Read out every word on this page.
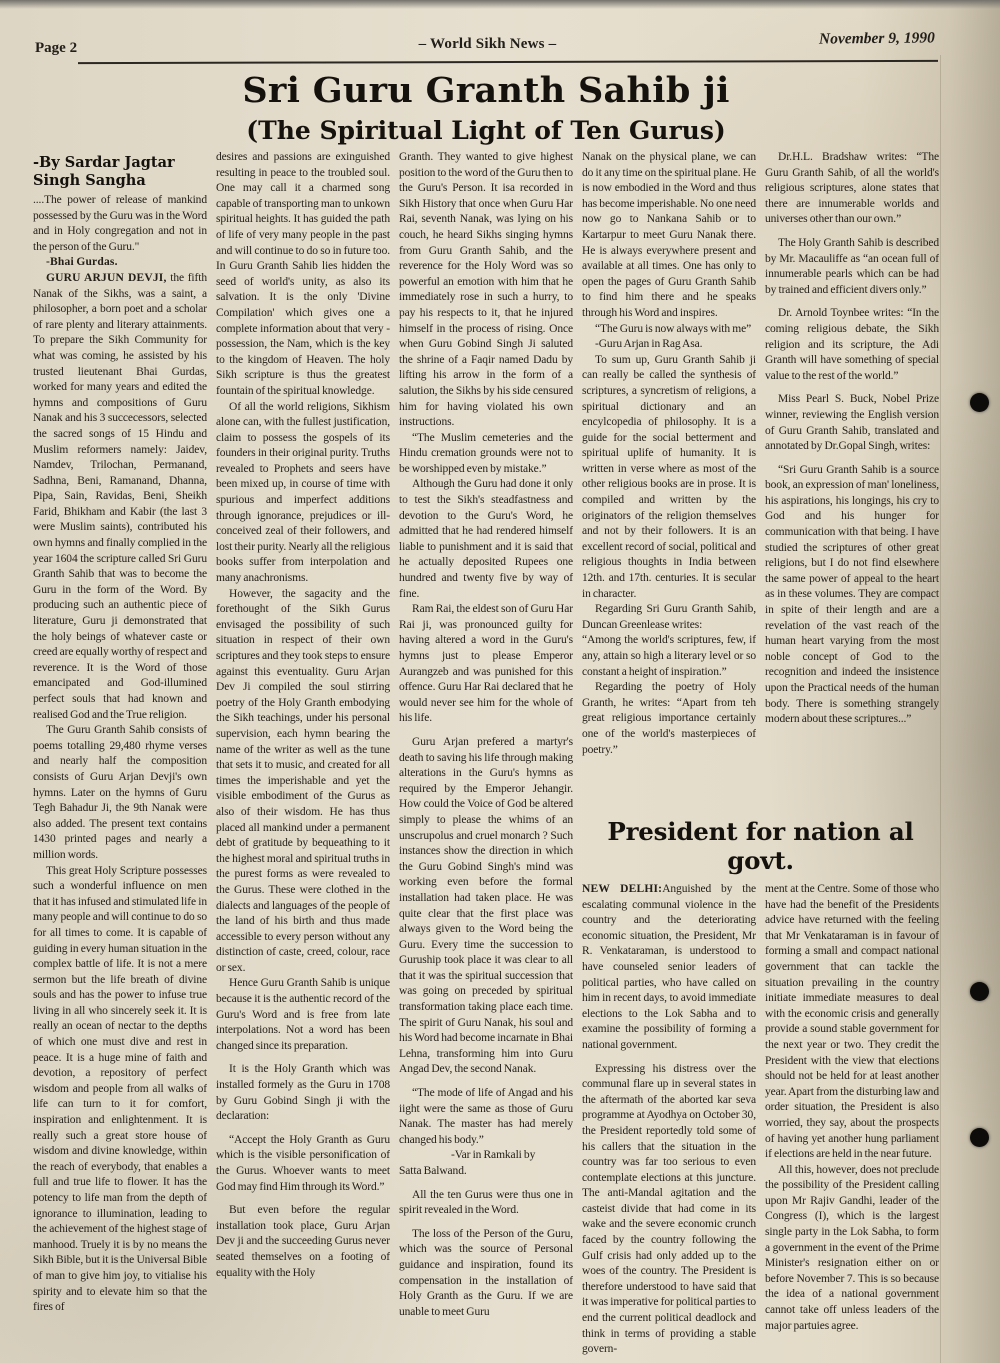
Page 2	– World Sikh News –	November 9, 1990
Sri Guru Granth Sahib ji
(The Spiritual Light of Ten Gurus)
-By Sardar Jagtar Singh Sangha

....The power of release of mankind possessed by the Guru was in the Word and in Holy congregation and not in the person of the Guru."

-Bhai Gurdas.

GURU ARJUN DEVJI, the fifth Nanak of the Sikhs, was a saint, a philosopher, a born poet and a scholar of rare plenty and literary attainments. To prepare the Sikh Community for what was coming, he assisted by his trusted lieutenant Bhai Gurdas, worked for many years and edited the hymns and compositions of Guru Nanak and his 3 succecessors, selected the sacred songs of 15 Hindu and Muslim reformers namely: Jaidev, Namdev, Trilochan, Permanand, Sadhna, Beni, Ramanand, Dhanna, Pipa, Sain, Ravidas, Beni, Sheikh Farid, Bhikham and Kabir (the last 3 were Muslim saints), contributed his own hymns and finally complied in the year 1604 the scripture called Sri Guru Granth Sahib that was to become the Guru in the form of the Word. By producing such an authentic piece of literature, Guru ji demonstrated that the holy beings of whatever caste or creed are equally worthy of respect and reverence. It is the Word of those emancipated and God-illumined perfect souls that had known and realised God and the True religion.

The Guru Granth Sahib consists of poems totalling 29,480 rhyme verses and nearly half the composition consists of Guru Arjan Devji's own hymns. Later on the hymns of Guru Tegh Bahadur Ji, the 9th Nanak were also added. The present text contains 1430 printed pages and nearly a million words.

This great Holy Scripture possesses such a wonderful influence on men that it has infused and stimulated life in many people and will continue to do so for all times to come. It is capable of guiding in every human situation in the complex battle of life. It is not a mere sermon but the life breath of divine souls and has the power to infuse true living in all who sincerely seek it. It is really an ocean of nectar to the depths of which one must dive and rest in peace. It is a huge mine of faith and devotion, a repository of perfect wisdom and people from all walks of life can turn to it for comfort, inspiration and enlightenment. It is really such a great store house of wisdom and divine knowledge, within the reach of everybody, that enables a full and true life to flower. It has the potency to life man from the depth of ignorance to illumination, leading to the achievement of the highest stage of manhood. Truely it is by no means the Sikh Bible, but it is the Universal Bible of man to give him joy, to vitialise his spirity and to elevate him so that the fires of

desires and passions are exinguished resulting in peace to the troubled soul. One may call it a charmed song capable of transporting man to unkown spiritual heights. It has guided the path of life of very many people in the past and will continue to do so in future too. In Guru Granth Sahib lies hidden the seed of world's unity, as also its salvation. It is the only 'Divine Compilation' which gives one a complete information about that very -possession, the Nam, which is the key to the kingdom of Heaven. The holy Sikh scripture is thus the greatest fountain of the spiritual knowledge.

Of all the world religions, Sikhism alone can, with the fullest justification, claim to possess the gospels of its founders in their original purity. Truths revealed to Prophets and seers have been mixed up, in course of time with spurious and imperfect additions through ignorance, prejudices or ill-conceived zeal of their followers, and lost their purity. Nearly all the religious books suffer from interpolation and many anachronisms.

However, the sagacity and the forethought of the Sikh Gurus envisaged the possibility of such situation in respect of their own scriptures and they took steps to ensure against this eventuality. Guru Arjan Dev Ji compiled the soul stirring poetry of the Holy Granth embodying the Sikh teachings, under his personal supervision, each hymn bearing the name of the writer as well as the tune that sets it to music, and created for all times the imperishable and yet the visible embodiment of the Gurus as also of their wisdom. He has thus placed all mankind under a permanent debt of gratitude by bequeathing to it the highest moral and spiritual truths in the purest forms as were revealed to the Gurus. These were clothed in the dialects and languages of the people of the land of his birth and thus made accessible to every person without any distinction of caste, creed, colour, race or sex.

Hence Guru Granth Sahib is unique because it is the authentic record of the Guru's Word and is free from late interpolations. Not a word has been changed since its preparation.

It is the Holy Granth which was installed formely as the Guru in 1708 by Guru Gobind Singh ji with the declaration:

“Accept the Holy Granth as Guru which is the visible personification of the Gurus. Whoever wants to meet God may find Him through its Word.”

But even before the regular installation took place, Guru Arjan Dev ji and the succeeding Gurus never seated themselves on a footing of equality with the Holy

Granth. They wanted to give highest position to the word of the Guru then to the Guru's Person. It isa recorded in Sikh History that once when Guru Har Rai, seventh Nanak, was lying on his couch, he heard Sikhs singing hymns from Guru Granth Sahib, and the reverence for the Holy Word was so powerful an emotion with him that he immediately rose in such a hurry, to pay his respects to it, that he injured himself in the process of rising. Once when Guru Gobind Singh Ji saluted the shrine of a Faqir named Dadu by lifting his arrow in the form of a salution, the Sikhs by his side censured him for having violated his own instructions.

“The Muslim cemeteries and the Hindu cremation grounds were not to be worshipped even by mistake.”

Although the Guru had done it only to test the Sikh's steadfastness and devotion to the Guru's Word, he admitted that he had rendered himself liable to punishment and it is said that he actually deposited Rupees one hundred and twenty five by way of fine.

Ram Rai, the eldest son of Guru Har Rai ji, was pronounced guilty for having altered a word in the Guru's hymns just to please Emperor Aurangzeb and was punished for this offence. Guru Har Rai declared that he would never see him for the whole of his life.

Guru Arjan prefered a martyr's death to saving his life through making alterations in the Guru's hymns as required by the Emperor Jehangir. How could the Voice of God be altered simply to please the whims of an unscrupolus and cruel monarch ? Such instances show the direction in which the Guru Gobind Singh's mind was working even before the formal installation had taken place. He was quite clear that the first place was always given to the Word being the Guru. Every time the succession to Guruship took place it was clear to all that it was the spiritual succession that was going on preceded by spiritual transformation taking place each time. The spirit of Guru Nanak, his soul and his Word had become incarnate in Bhai Lehna, transforming him into Guru Angad Dev, the second Nanak.

“The mode of life of Angad and his iight were the same as those of Guru Nanak. The master has had merely changed his body.”

-Var in Ramkali by

Satta Balwand.

All the ten Gurus were thus one in spirit revealed in the Word.

The loss of the Person of the Guru, which was the source of Personal guidance and inspiration, found its compensation in the installation of Holy Granth as the Guru. If we are unable to meet Guru

Nanak on the physical plane, we can do it any time on the spiritual plane. He is now embodied in the Word and thus has become imperishable. No one need now go to Nankana Sahib or to Kartarpur to meet Guru Nanak there. He is always everywhere present and available at all times. One has only to open the pages of Guru Granth Sahib to find him there and he speaks through his Word and inspires.

“The Guru is now always with me”

-Guru Arjan in Rag Asa.

To sum up, Guru Granth Sahib ji can really be called the synthesis of scriptures, a syncretism of religions, a spiritual dictionary and an encylcopedia of philosophy. It is a guide for the social betterment and spiritual uplife of humanity. It is written in verse where as most of the other religious books are in prose. It is compiled and written by the originators of the religion themselves and not by their followers. It is an excellent record of social, political and religious thoughts in India between 12th. and 17th. centuries. It is secular in character.

Regarding Sri Guru Granth Sahib, Duncan Greenlease writes:

“Among the world's scriptures, few, if any, attain so high a literary level or so constant a height of inspiration.”

Regarding the poetry of Holy Granth, he writes: “Apart from teh great religious importance certainly one of the world's masterpieces of poetry.”

Dr.H.L. Bradshaw writes: “The Guru Granth Sahib, of all the world's religious scriptures, alone states that there are innumerable worlds and universes other than our own.”

The Holy Granth Sahib is described by Mr. Macauliffe as “an ocean full of innumerable pearls which can be had by trained and efficient divers only.”

Dr. Arnold Toynbee writes: “In the coming religious debate, the Sikh religion and its scripture, the Adi Granth will have something of special value to the rest of the world.”

Miss Pearl S. Buck, Nobel Prize winner, reviewing the English version of Guru Granth Sahib, translated and annotated by Dr.Gopal Singh, writes:

“Sri Guru Granth Sahib is a source book, an expression of man' loneliness, his aspirations, his longings, his cry to God and his hunger for communication with that being. I have studied the scriptures of other great religions, but I do not find elsewhere the same power of appeal to the heart as in these volumes. They are compact in spite of their length and are a revelation of the vast reach of the human heart varying from the most noble concept of God to the recognition and indeed the insistence upon the Practical needs of the human body. There is something strangely modern about these scriptures...”

President for nation al govt.

NEW DELHI:Anguished by the escalating communal violence in the country and the deteriorating economic situation, the President, Mr R. Venkataraman, is understood to have counseled senior leaders of political parties, who have called on him in recent days, to avoid immediate elections to the Lok Sabha and to examine the possibility of forming a national government.

Expressing his distress over the communal flare up in several states in the aftermath of the aborted kar seva programme at Ayodhya on October 30, the President reportedly told some of his callers that the situation in the country was far too serious to even contemplate elections at this juncture. The anti-Mandal agitation and the casteist divide that had come in its wake and the severe economic crunch faced by the country following the Gulf crisis had only added up to the woes of the country. The President is therefore understood to have said that it was imperative for political parties to end the current political deadlock and think in terms of providing a stable govern-

ment at the Centre. Some of those who have had the benefit of the Presidents advice have returned with the feeling that Mr Venkataraman is in favour of forming a small and compact national government that can tackle the situation prevailing in the country initiate immediate measures to deal with the economic crisis and generally provide a sound stable government for the next year or two. They credit the President with the view that elections should not be held for at least another year. Apart from the disturbing law and order situation, the President is also worried, they say, about the prospects of having yet another hung parliament if elections are held in the near future.

All this, however, does not preclude the possibility of the President calling upon Mr Rajiv Gandhi, leader of the Congress (I), which is the largest single party in the Lok Sabha, to form a government in the event of the Prime Minister's resignation either on or before November 7. This is so because the idea of a national government cannot take off unless leaders of the major partuies agree.
